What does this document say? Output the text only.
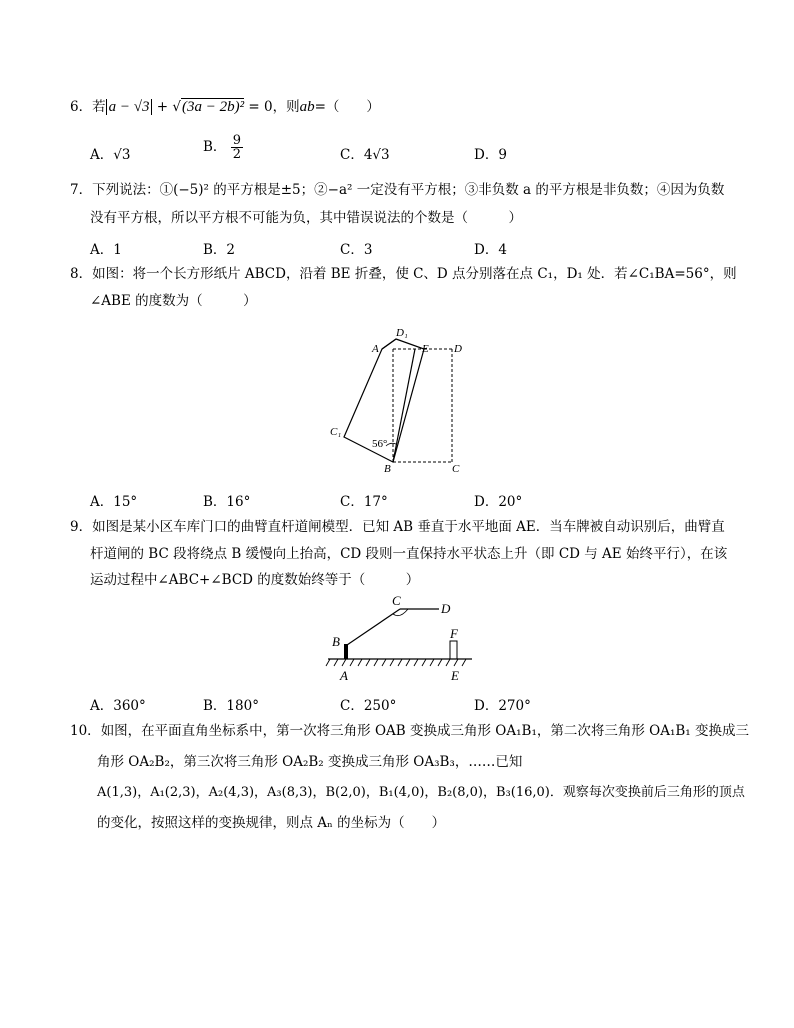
6．若 a − √3 + √(3a − 2b)² = 0，则ab=（　　）
A．√3	B． $\frac{9}{2}$	C．4√3	D．9
7．下列说法：①(−5)² 的平方根是±5；②−a² 一定没有平方根；③非负数 a 的平方根是非负数；④因为负数
没有平方根，所以平方根不可能为负，其中错误说法的个数是（　　　）
A．1	B．2	C．3	D．4
8．如图：将一个长方形纸片 ABCD，沿着 BE 折叠，使 C、D 点分别落在点 C₁，D₁ 处．若∠C₁BA=56°，则
∠ABE 的度数为（　　　）
D₁
A	E D
C₁
56°
B	C
A．15°	B．16°	C．17°	D．20°
9．如图是某小区车库门口的曲臂直杆道闸模型．已知 AB 垂直于水平地面 AE．当车牌被自动识别后，曲臂直
杆道闸的 BC 段将绕点 B 缓慢向上抬高，CD 段则一直保持水平状态上升（即 CD 与 AE 始终平行），在该
运动过程中∠ABC+∠BCD 的度数始终等于（　　　）
C
D
B
F
A	E
A．360°	B．180°	C．250°	D．270°
10．如图，在平面直角坐标系中，第一次将三角形 OAB 变换成三角形 OA₁B₁，第二次将三角形 OA₁B₁ 变换成三
角形 OA₂B₂，第三次将三角形 OA₂B₂ 变换成三角形 OA₃B₃，……已知
A(1,3)，A₁(2,3)，A₂(4,3)，A₃(8,3)，B(2,0)，B₁(4,0)，B₂(8,0)，B₃(16,0)．观察每次变换前后三角形的顶点
的变化，按照这样的变换规律，则点 Aₙ 的坐标为（　　）
